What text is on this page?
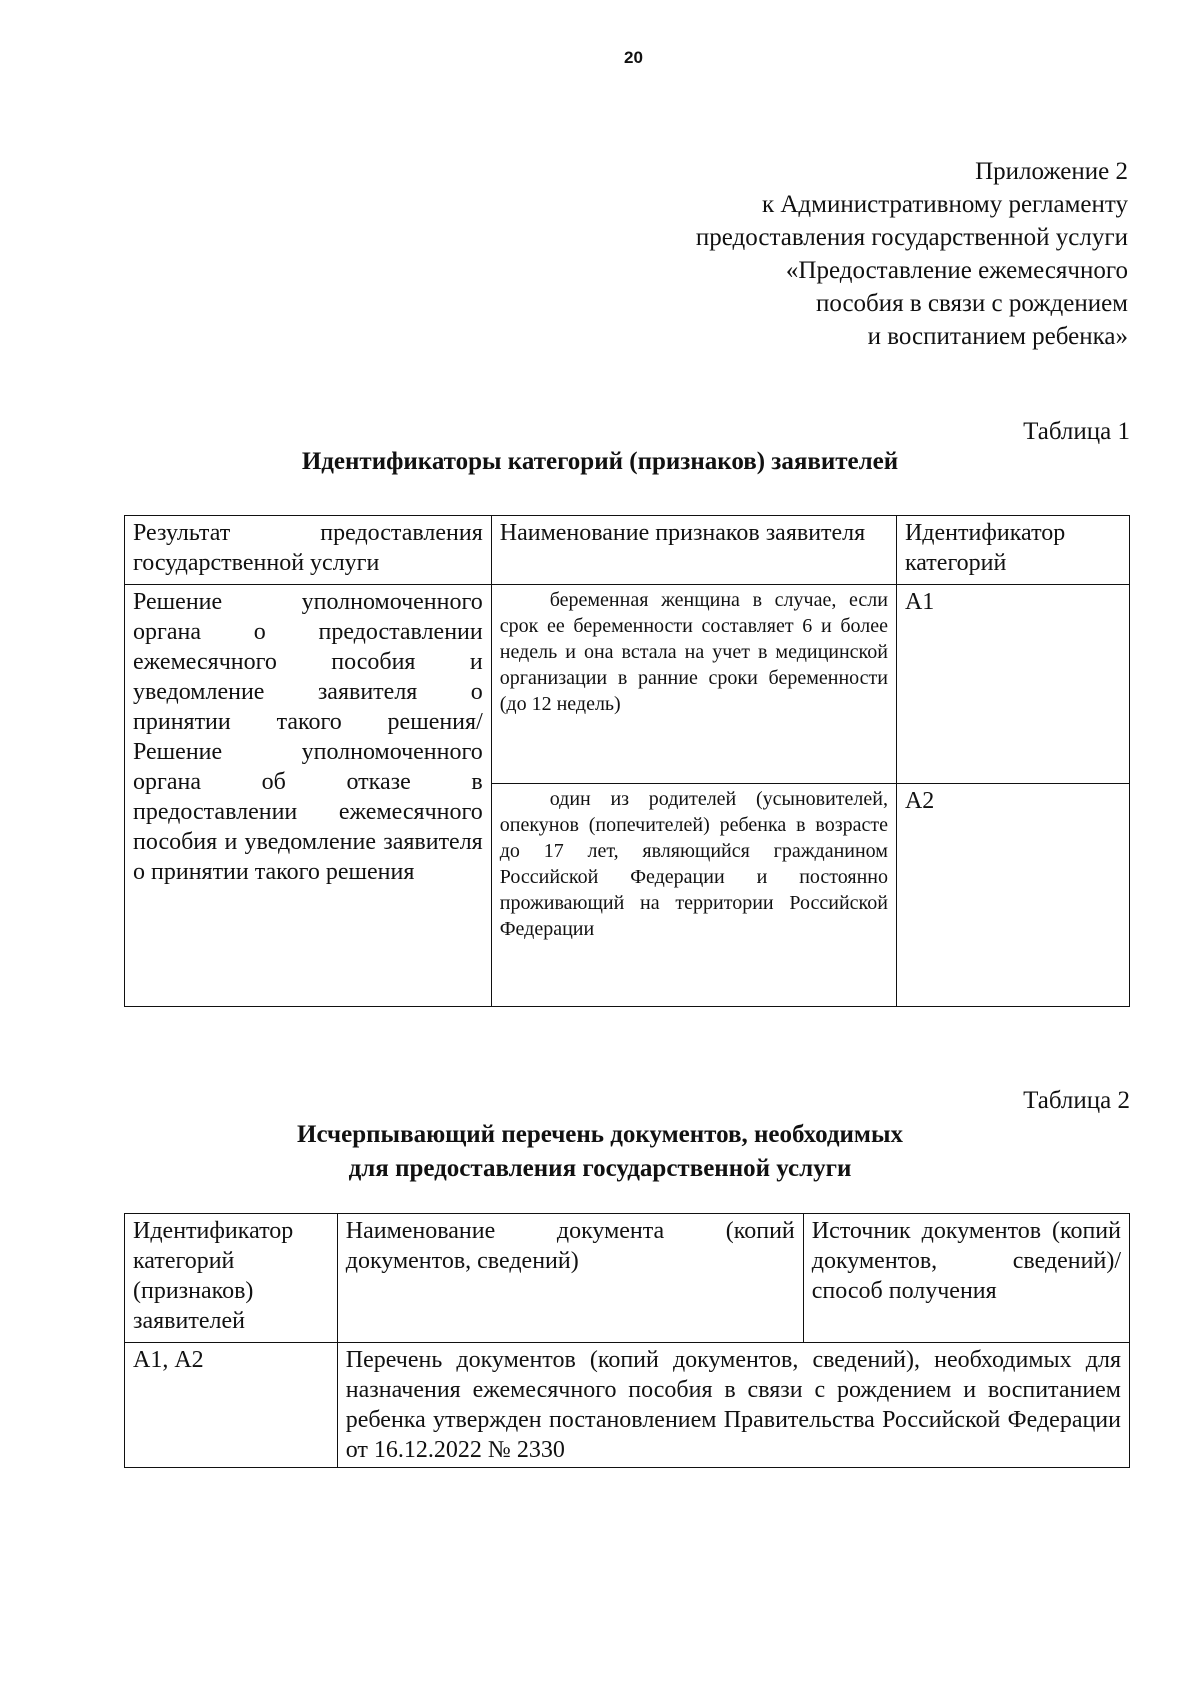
20
Приложение 2
к Административному регламенту
предоставления государственной услуги
«Предоставление ежемесячного
пособия в связи с рождением
и воспитанием ребенка»
Таблица 1
Идентификаторы категорий (признаков) заявителей
Результат предоставления государственной услуги	Наименование признаков заявителя	Идентификатор категорий
Решение уполномоченного органа о предоставлении ежемесячного пособия и уведомление заявителя о принятии такого решения/Решение уполномоченного органа об отказе в предоставлении ежемесячного пособия и уведомление заявителя о принятии такого решения	беременная женщина в случае, если срок ее беременности составляет 6 и более недель и она встала на учет в медицинской организации в ранние сроки беременности (до 12 недель)	А1
	один из родителей (усыновителей, опекунов (попечителей) ребенка в возрасте до 17 лет, являющийся гражданином Российской Федерации и постоянно проживающий на территории Российской Федерации	А2
Таблица 2
Исчерпывающий перечень документов, необходимых
для предоставления государственной услуги
Идентификатор категорий (признаков) заявителей	Наименование документа (копий документов, сведений)	Источник документов (копий документов, сведений)/способ получения
А1, А2	Перечень документов (копий документов, сведений), необходимых для назначения ежемесячного пособия в связи с рождением и воспитанием ребенка утвержден постановлением Правительства Российской Федерации от 16.12.2022 № 2330	
